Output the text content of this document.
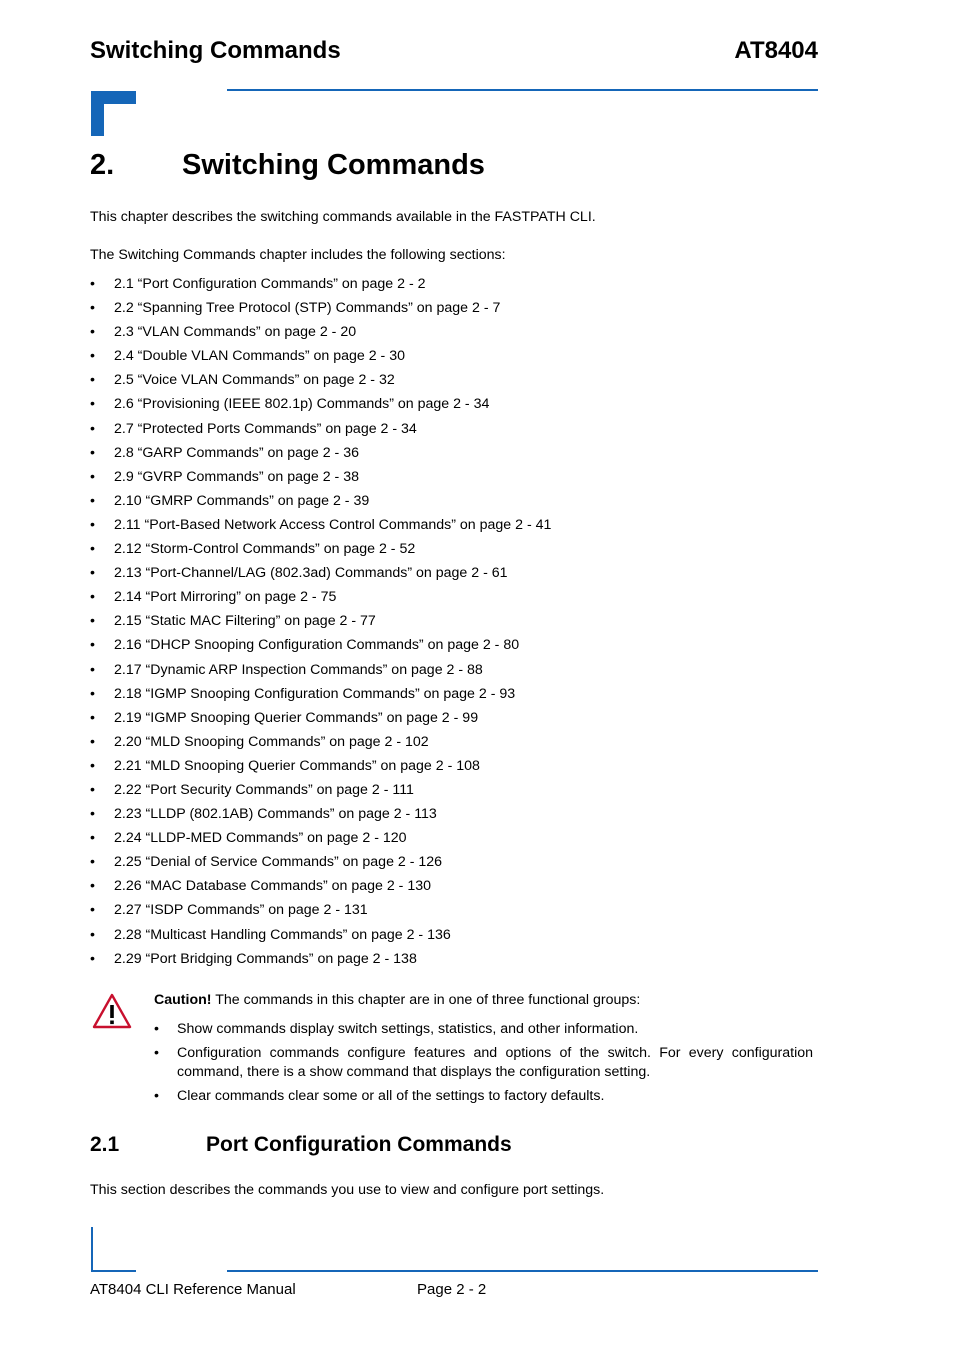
Switching Commands	AT8404
2. Switching Commands
This chapter describes the switching commands available in the FASTPATH CLI.
The Switching Commands chapter includes the following sections:
• 2.1 “Port Configuration Commands” on page 2 - 2
• 2.2 “Spanning Tree Protocol (STP) Commands” on page 2 - 7
• 2.3 “VLAN Commands” on page 2 - 20
• 2.4 “Double VLAN Commands” on page 2 - 30
• 2.5 “Voice VLAN Commands” on page 2 - 32
• 2.6 “Provisioning (IEEE 802.1p) Commands” on page 2 - 34
• 2.7 “Protected Ports Commands” on page 2 - 34
• 2.8 “GARP Commands” on page 2 - 36
• 2.9 “GVRP Commands” on page 2 - 38
• 2.10 “GMRP Commands” on page 2 - 39
• 2.11 “Port-Based Network Access Control Commands” on page 2 - 41
• 2.12 “Storm-Control Commands” on page 2 - 52
• 2.13 “Port-Channel/LAG (802.3ad) Commands” on page 2 - 61
• 2.14 “Port Mirroring” on page 2 - 75
• 2.15 “Static MAC Filtering” on page 2 - 77
• 2.16 “DHCP Snooping Configuration Commands” on page 2 - 80
• 2.17 “Dynamic ARP Inspection Commands” on page 2 - 88
• 2.18 “IGMP Snooping Configuration Commands” on page 2 - 93
• 2.19 “IGMP Snooping Querier Commands” on page 2 - 99
• 2.20 “MLD Snooping Commands” on page 2 - 102
• 2.21 “MLD Snooping Querier Commands” on page 2 - 108
• 2.22 “Port Security Commands” on page 2 - 111
• 2.23 “LLDP (802.1AB) Commands” on page 2 - 113
• 2.24 “LLDP-MED Commands” on page 2 - 120
• 2.25 “Denial of Service Commands” on page 2 - 126
• 2.26 “MAC Database Commands” on page 2 - 130
• 2.27 “ISDP Commands” on page 2 - 131
• 2.28 “Multicast Handling Commands” on page 2 - 136
• 2.29 “Port Bridging Commands” on page 2 - 138
Caution! The commands in this chapter are in one of three functional groups:
• Show commands display switch settings, statistics, and other information.
• Configuration commands configure features and options of the switch. For every configuration command, there is a show command that displays the configuration setting.
• Clear commands clear some or all of the settings to factory defaults.
2.1	Port Configuration Commands
This section describes the commands you use to view and configure port settings.
AT8404 CLI Reference Manual	Page 2 - 2
